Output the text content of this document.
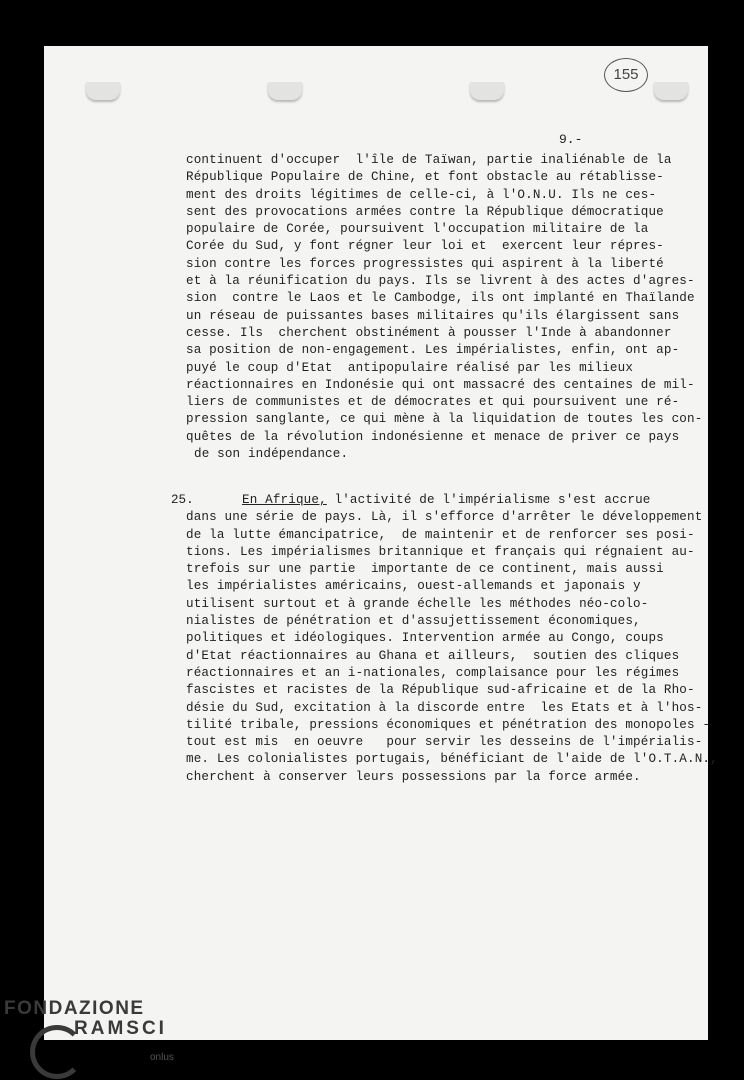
155
9.-
continuent d'occuper  l'île de Taïwan, partie inaliénable de la
République Populaire de Chine, et font obstacle au rétablisse-
ment des droits légitimes de celle-ci, à l'O.N.U. Ils ne ces-
sent des provocations armées contre la République démocratique
populaire de Corée, poursuivent l'occupation militaire de la
Corée du Sud, y font régner leur loi et  exercent leur répres-
sion contre les forces progressistes qui aspirent à la liberté
et à la réunification du pays. Ils se livrent à des actes d'agres-
sion  contre le Laos et le Cambodge, ils ont implanté en Thaïlande
un réseau de puissantes bases militaires qu'ils élargissent sans
cesse. Ils  cherchent obstinément à pousser l'Inde à abandonner
sa position de non-engagement. Les impérialistes, enfin, ont ap-
puyé le coup d'Etat  antipopulaire réalisé par les milieux
réactionnaires en Indonésie qui ont massacré des centaines de mil-
liers de communistes et de démocrates et qui poursuivent une ré-
pression sanglante, ce qui mène à la liquidation de toutes les con-
quêtes de la révolution indonésienne et menace de priver ce pays
de son indépendance.
25.	En Afrique, l'activité de l'impérialisme s'est accrue
dans une série de pays. Là, il s'efforce d'arrêter le développement
de la lutte émancipatrice,  de maintenir et de renforcer ses posi-
tions. Les impérialismes britannique et français qui régnaient au-
trefois sur une partie  importante de ce continent, mais aussi
les impérialistes américains, ouest-allemands et japonais y
utilisent surtout et à grande échelle les méthodes néo-colo-
nialistes de pénétration et d'assujettissement économiques,
politiques et idéologiques. Intervention armée au Congo, coups
d'Etat réactionnaires au Ghana et ailleurs,  soutien des cliques
réactionnaires et an i-nationales, complaisance pour les régimes
fascistes et racistes de la République sud-africaine et de la Rho-
désie du Sud, excitation à la discorde entre  les Etats et à l'hos-
tilité tribale, pressions économiques et pénétration des monopoles -
tout est mis  en oeuvre   pour servir les desseins de l'impérialis-
me. Les colonialistes portugais, bénéficiant de l'aide de l'O.T.A.N.,
cherchent à conserver leurs possessions par la force armée.
FONDAZIONE
RAMSCI
onlus
